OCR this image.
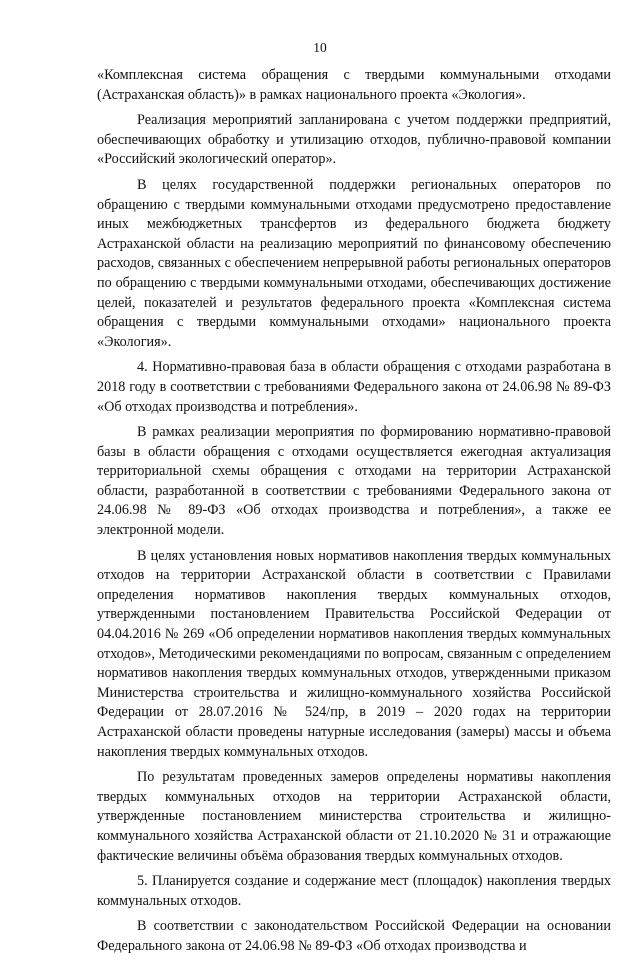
10

«Комплексная система обращения с твердыми коммунальными отходами (Астраханская область)» в рамках национального проекта «Экология».

Реализация мероприятий запланирована с учетом поддержки предприятий, обеспечивающих обработку и утилизацию отходов, публично-правовой компании «Российский экологический оператор».

В целях государственной поддержки региональных операторов по обращению с твердыми коммунальными отходами предусмотрено предоставление иных межбюджетных трансфертов из федерального бюджета бюджету Астраханской области на реализацию мероприятий по финансовому обеспечению расходов, связанных с обеспечением непрерывной работы региональных операторов по обращению с твердыми коммунальными отходами, обеспечивающих достижение целей, показателей и результатов федерального проекта «Комплексная система обращения с твердыми коммунальными отходами» национального проекта «Экология».

4. Нормативно-правовая база в области обращения с отходами разработана в 2018 году в соответствии с требованиями Федерального закона от 24.06.98 № 89-ФЗ «Об отходах производства и потребления».

В рамках реализации мероприятия по формированию нормативно-правовой базы в области обращения с отходами осуществляется ежегодная актуализация территориальной схемы обращения с отходами на территории Астраханской области, разработанной в соответствии с требованиями Федерального закона от 24.06.98 № 89-ФЗ «Об отходах производства и потребления», а также ее электронной модели.

В целях установления новых нормативов накопления твердых коммунальных отходов на территории Астраханской области в соответствии с Правилами определения нормативов накопления твердых коммунальных отходов, утвержденными постановлением Правительства Российской Федерации от 04.04.2016 № 269 «Об определении нормативов накопления твердых коммунальных отходов», Методическими рекомендациями по вопросам, связанным с определением нормативов накопления твердых коммунальных отходов, утвержденными приказом Министерства строительства и жилищно-коммунального хозяйства Российской Федерации от 28.07.2016 № 524/пр, в 2019 – 2020 годах на территории Астраханской области проведены натурные исследования (замеры) массы и объема накопления твердых коммунальных отходов.

По результатам проведенных замеров определены нормативы накопления твердых коммунальных отходов на территории Астраханской области, утвержденные постановлением министерства строительства и жилищно-коммунального хозяйства Астраханской области от 21.10.2020 № 31 и отражающие фактические величины объёма образования твердых коммунальных отходов.

5. Планируется создание и содержание мест (площадок) накопления твердых коммунальных отходов.

В соответствии с законодательством Российской Федерации на основании Федерального закона от 24.06.98 № 89-ФЗ «Об отходах производства и
